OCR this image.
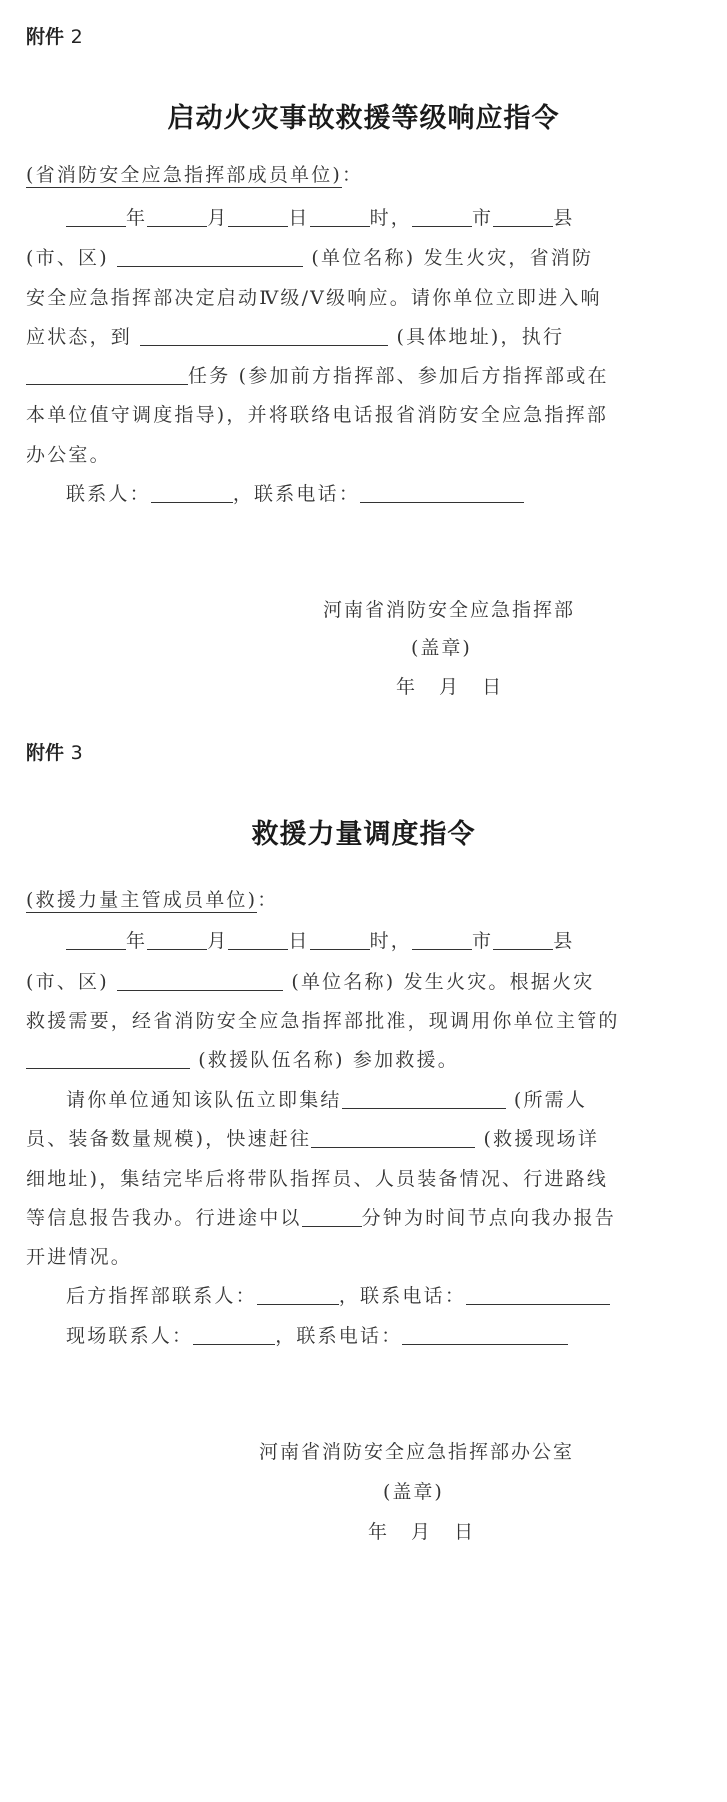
附件 2
启动火灾事故救援等级响应指令
(省消防安全应急指挥部成员单位)：
年	月	日	时，	市	县
(市、区)	(单位名称) 发生火灾，省消防
安全应急指挥部决定启动Ⅳ级/Ⅴ级响应。请你单位立即进入响
应状态，到	(具体地址)，执行
任务 (参加前方指挥部、参加后方指挥部或在
本单位值守调度指导)，并将联络电话报省消防安全应急指挥部
办公室。
联系人：	，联系电话：
河南省消防安全应急指挥部
(盖章)
年 月 日
附件 3
救援力量调度指令
(救援力量主管成员单位)：
年	月	日	时，	市	县
(市、区)	(单位名称) 发生火灾。根据火灾
救援需要，经省消防安全应急指挥部批准，现调用你单位主管的
(救援队伍名称) 参加救援。
请你单位通知该队伍立即集结	(所需人
员、装备数量规模)，快速赶往	(救援现场详
细地址)，集结完毕后将带队指挥员、人员装备情况、行进路线
等信息报告我办。行进途中以	分钟为时间节点向我办报告
开进情况。
后方指挥部联系人：	，联系电话：
现场联系人：	，联系电话：
河南省消防安全应急指挥部办公室
(盖章)
年 月 日
